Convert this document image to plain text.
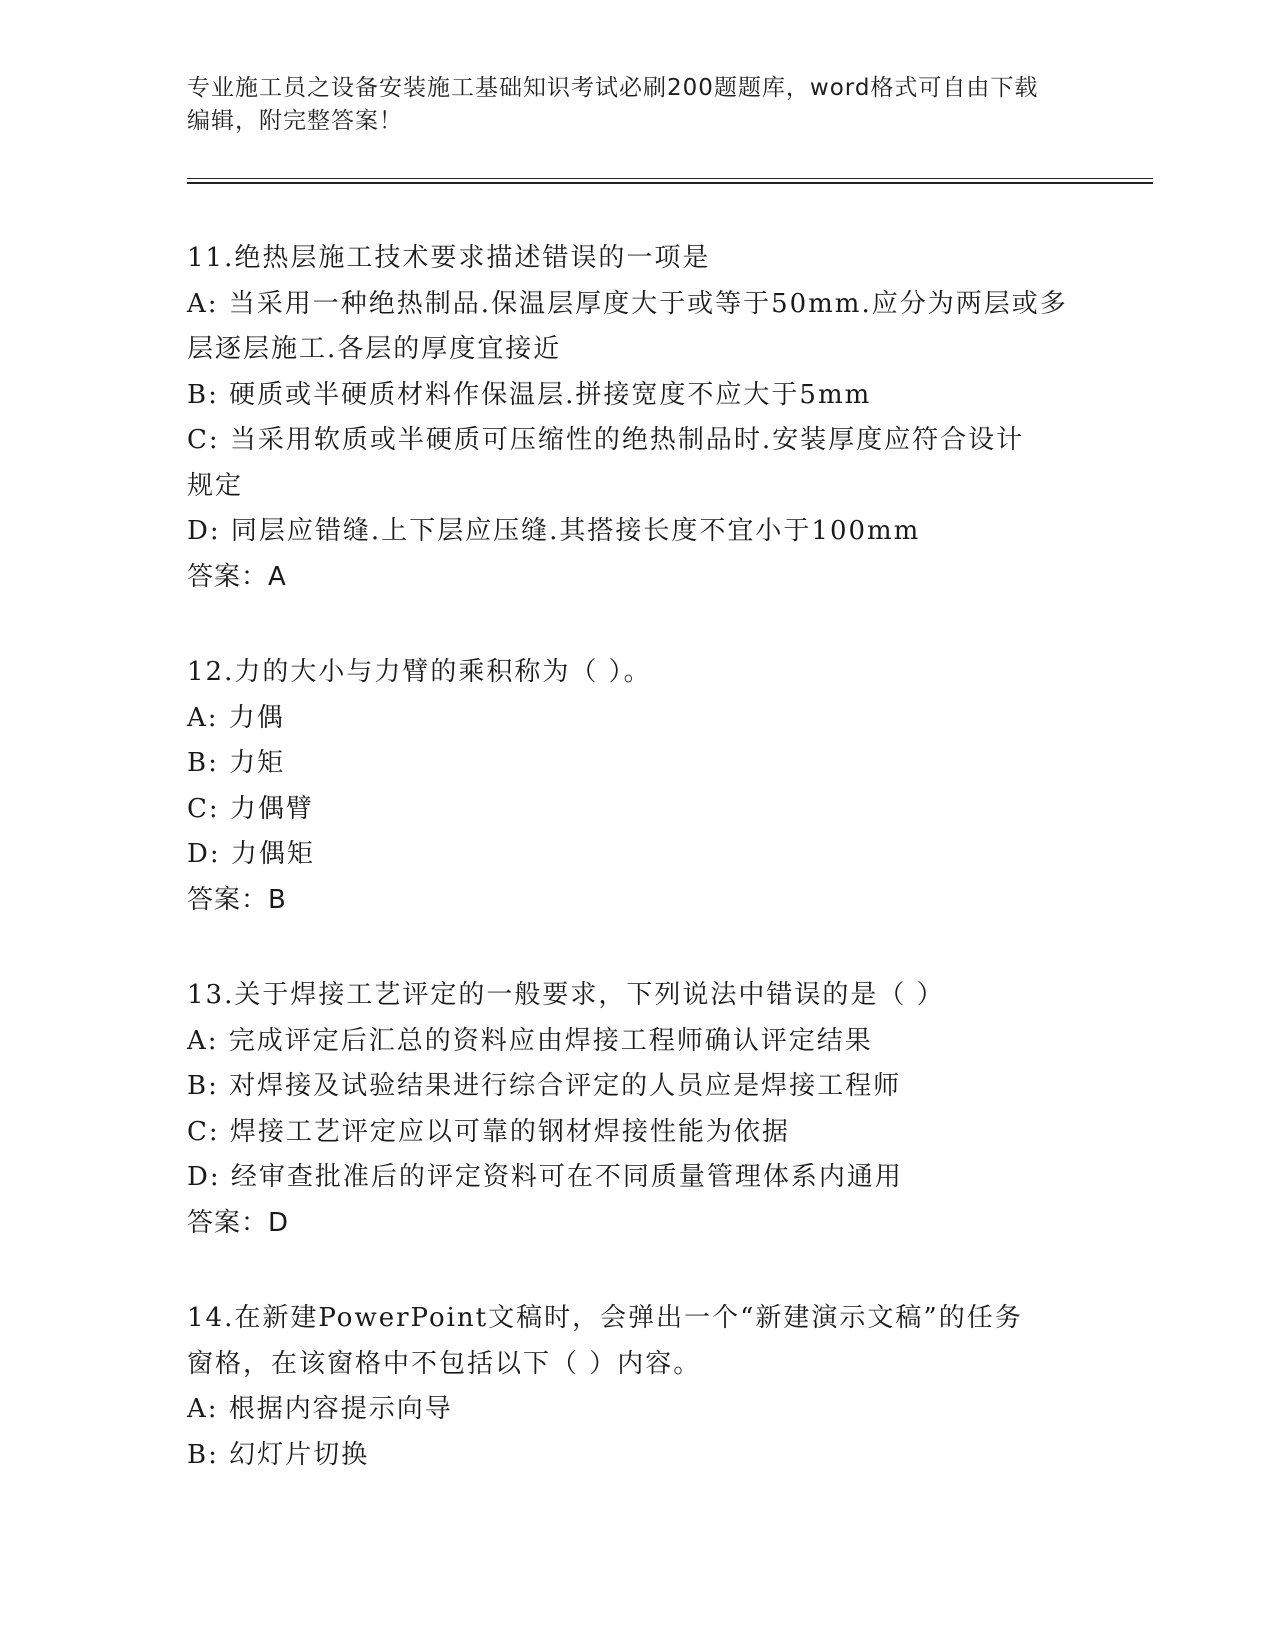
专业施工员之设备安装施工基础知识考试必刷200题题库，word格式可自由下载
编辑，附完整答案！
11.绝热层施工技术要求描述错误的一项是
A: 当采用一种绝热制品.保温层厚度大于或等于50mm.应分为两层或多
层逐层施工.各层的厚度宜接近
B: 硬质或半硬质材料作保温层.拼接宽度不应大于5mm
C: 当采用软质或半硬质可压缩性的绝热制品时.安装厚度应符合设计
规定
D: 同层应错缝.上下层应压缝.其搭接长度不宜小于100mm
答案：A
12.力的大小与力臂的乘积称为（ ）。
A: 力偶
B: 力矩
C: 力偶臂
D: 力偶矩
答案：B
13.关于焊接工艺评定的一般要求，下列说法中错误的是（ ）
A: 完成评定后汇总的资料应由焊接工程师确认评定结果
B: 对焊接及试验结果进行综合评定的人员应是焊接工程师
C: 焊接工艺评定应以可靠的钢材焊接性能为依据
D: 经审查批准后的评定资料可在不同质量管理体系内通用
答案：D
14.在新建PowerPoint文稿时，会弹出一个“新建演示文稿”的任务
窗格，在该窗格中不包括以下（ ）内容。
A: 根据内容提示向导
B: 幻灯片切换
